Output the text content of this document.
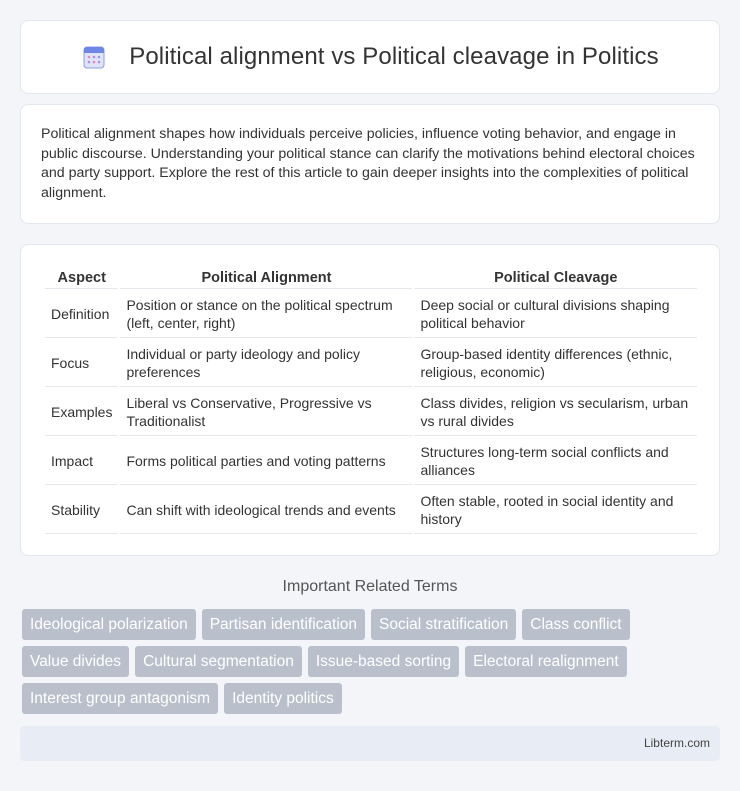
Political alignment vs Political cleavage in Politics

Political alignment shapes how individuals perceive policies, influence voting behavior, and engage in public discourse. Understanding your political stance can clarify the motivations behind electoral choices and party support. Explore the rest of this article to gain deeper insights into the complexities of political alignment.

Aspect	Political Alignment	Political Cleavage
Definition	Position or stance on the political spectrum (left, center, right)	Deep social or cultural divisions shaping political behavior
Focus	Individual or party ideology and policy preferences	Group-based identity differences (ethnic, religious, economic)
Examples	Liberal vs Conservative, Progressive vs Traditionalist	Class divides, religion vs secularism, urban vs rural divides
Impact	Forms political parties and voting patterns	Structures long-term social conflicts and alliances
Stability	Can shift with ideological trends and events	Often stable, rooted in social identity and history
Important Related Terms
Ideological polarization	Partisan identification	Social stratification	Class conflict
Value divides	Cultural segmentation	Issue-based sorting	Electoral realignment
Interest group antagonism	Identity politics
Libterm.com
